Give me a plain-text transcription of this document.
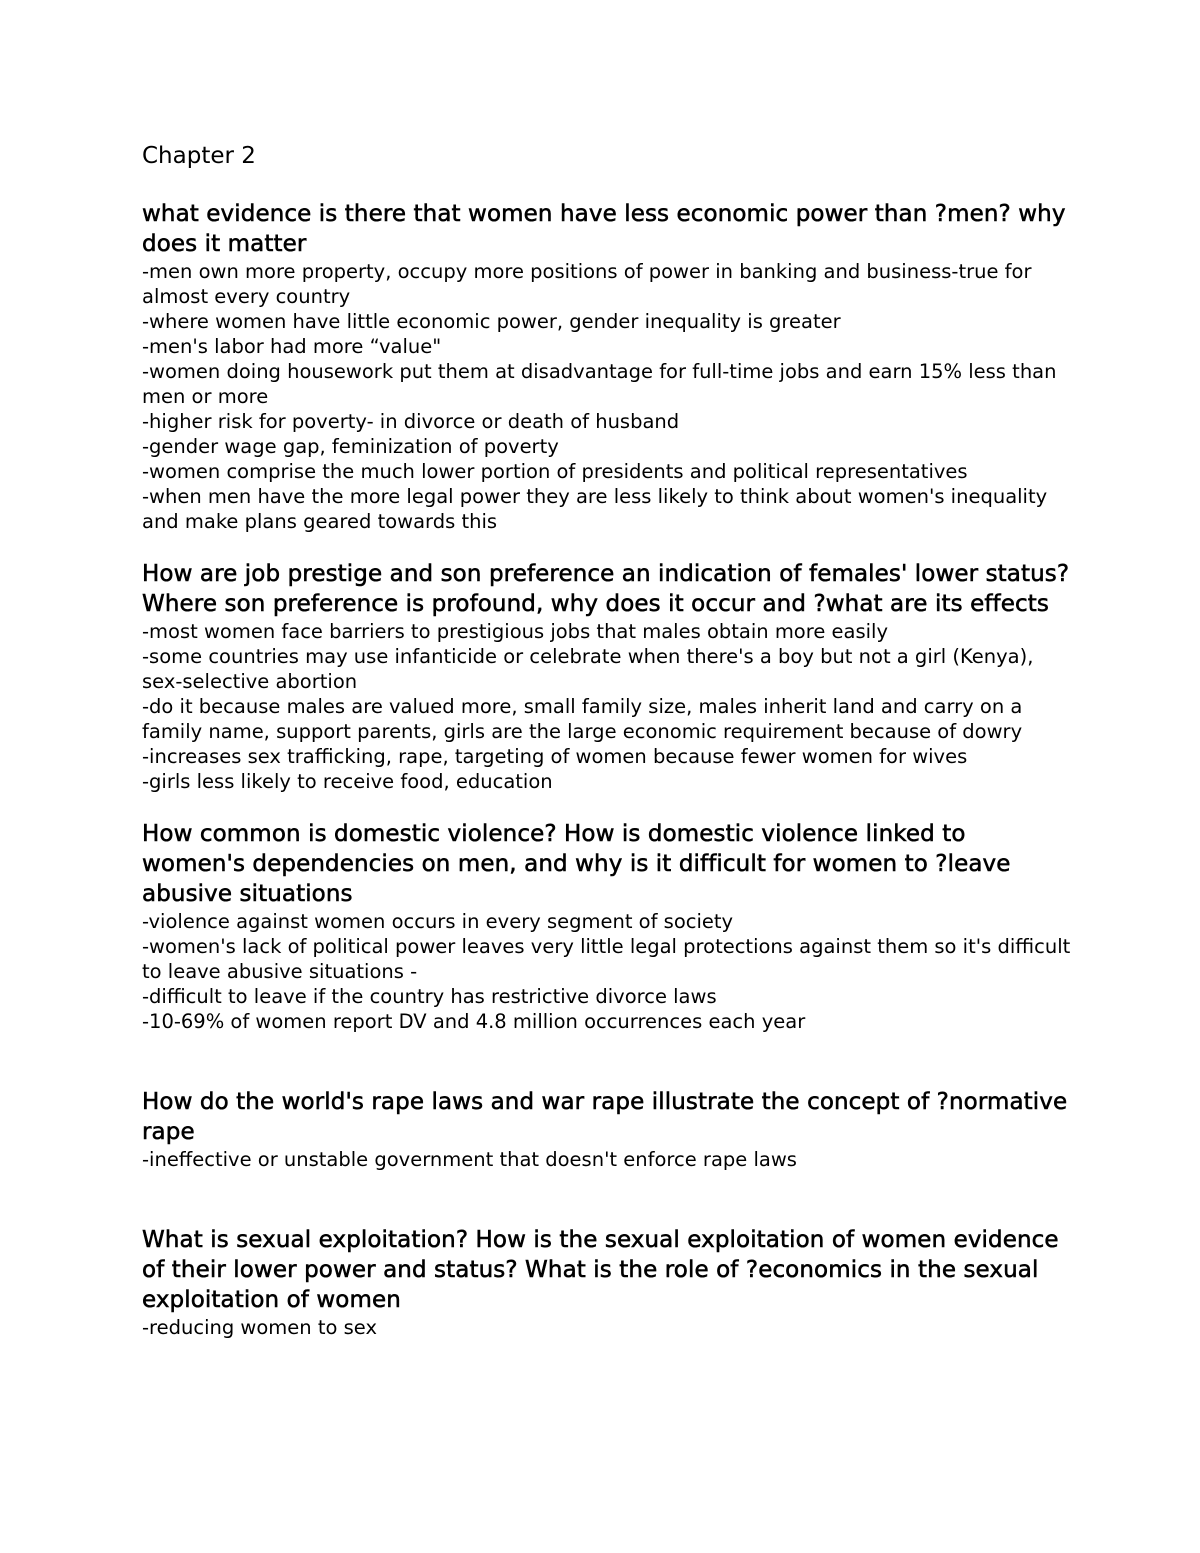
Chapter 2
what evidence is there that women have less economic power than ?men? why does it matter
-men own more property, occupy more positions of power in banking and business-true for      almost every country
-where women have little economic power, gender inequality is greater
-men's labor had more “value"
-women doing housework put them at disadvantage for full-time jobs and earn 15% less than men or more
-higher risk for poverty- in divorce or death of husband
-gender wage gap, feminization of poverty
-women comprise the much lower portion of presidents and political representatives
-when men have the more legal power they are less likely to think about women's inequality and make plans geared towards this
How are job prestige and son preference an indication of females' lower status? Where son preference is profound, why does it occur and ?what are its effects
-most women face barriers to prestigious jobs that males obtain more easily
-some countries may use infanticide or celebrate when there's a boy but not a girl (Kenya), sex-selective abortion
-do it because males are valued more, small family size, males inherit land and carry on a family name, support parents, girls are the large economic requirement because of dowry
-increases sex trafficking, rape, targeting of women because fewer women for wives
-girls less likely to receive food, education
How common is domestic violence? How is domestic violence linked to women's dependencies on men, and why is it difficult for women to ?leave abusive situations
-violence against women occurs in every segment of society
-women's lack of political power leaves very little legal protections against them so it's difficult to leave abusive situations -
-difficult to leave if the country has restrictive divorce laws
-10-69% of women report DV and 4.8 million occurrences each year
How do the world's rape laws and war rape illustrate the concept of ?normative rape
-ineffective or unstable government that doesn't enforce rape laws
What is sexual exploitation? How is the sexual exploitation of women evidence of their lower power and status? What is the role of ?economics in the sexual exploitation of women
-reducing women to sex
